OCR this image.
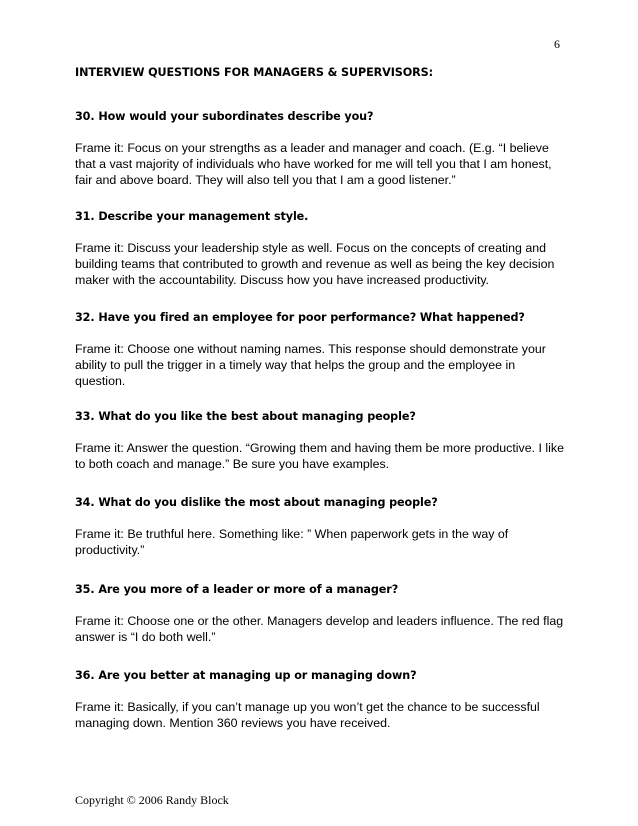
6
INTERVIEW QUESTIONS FOR MANAGERS & SUPERVISORS:

30. How would your subordinates describe you?

Frame it: Focus on your strengths as a leader and manager and coach. (E.g. “I believe that a vast majority of individuals who have worked for me will tell you that I am honest, fair and above board. They will also tell you that I am a good listener.”

31. Describe your management style.

Frame it: Discuss your leadership style as well. Focus on the concepts of creating and building teams that contributed to growth and revenue as well as being the key decision maker with the accountability. Discuss how you have increased productivity.

32. Have you fired an employee for poor performance? What happened?

Frame it: Choose one without naming names. This response should demonstrate your ability to pull the trigger in a timely way that helps the group and the employee in question.

33. What do you like the best about managing people?

Frame it: Answer the question. “Growing them and having them be more productive. I like to both coach and manage.” Be sure you have examples.

34. What do you dislike the most about managing people?

Frame it: Be truthful here. Something like: ” When paperwork gets in the way of productivity.”

35. Are you more of a leader or more of a manager?

Frame it: Choose one or the other. Managers develop and leaders influence. The red flag answer is “I do both well.”

36. Are you better at managing up or managing down?

Frame it: Basically, if you can’t manage up you won’t get the chance to be successful managing down. Mention 360 reviews you have received.

Copyright © 2006 Randy Block
